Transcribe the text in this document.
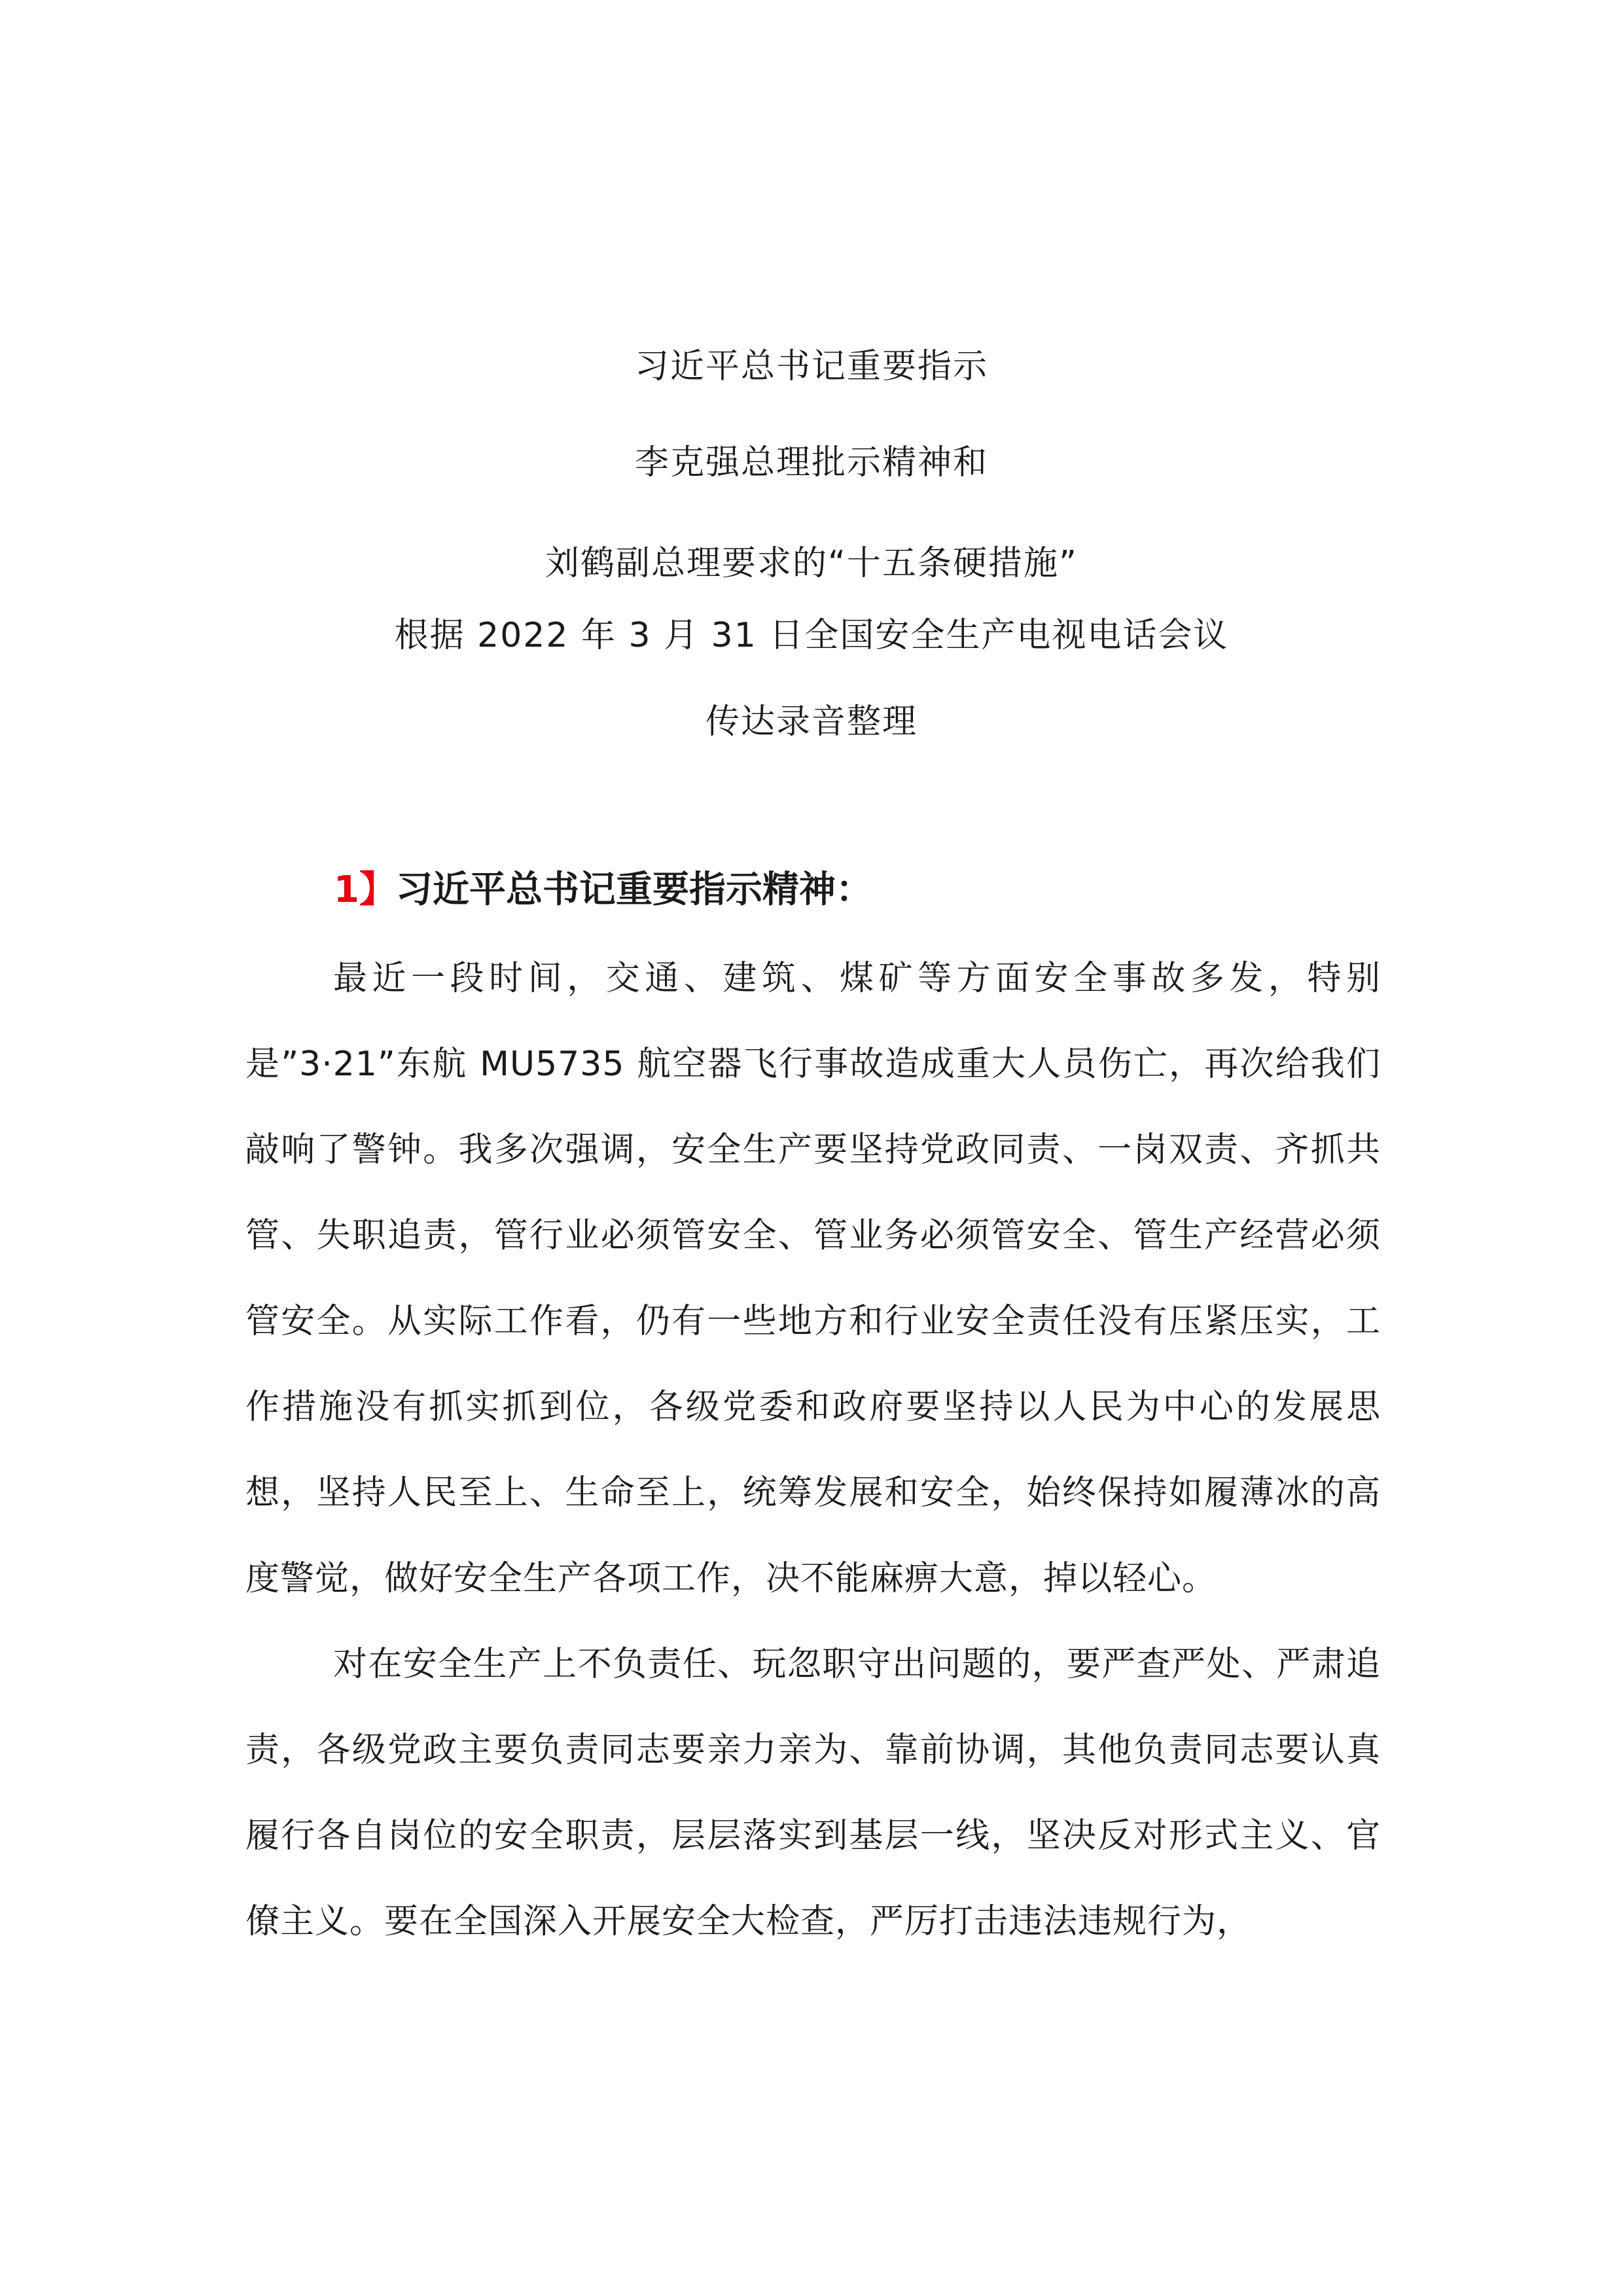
习近平总书记重要指示
李克强总理批示精神和
刘鹤副总理要求的“十五条硬措施”
根据 2022 年 3 月 31 日全国安全生产电视电话会议
传达录音整理
1】习近平总书记重要指示精神：

最近一段时间，交通、建筑、煤矿等方面安全事故多发，特别是”3·21”东航 MU5735 航空器飞行事故造成重大人员伤亡，再次给我们敲响了警钟。我多次强调，安全生产要坚持党政同责、一岗双责、齐抓共管、失职追责，管行业必须管安全、管业务必须管安全、管生产经营必须管安全。从实际工作看，仍有一些地方和行业安全责任没有压紧压实，工作措施没有抓实抓到位，各级党委和政府要坚持以人民为中心的发展思想，坚持人民至上、生命至上，统筹发展和安全，始终保持如履薄冰的高度警觉，做好安全生产各项工作，决不能麻痹大意，掉以轻心。

对在安全生产上不负责任、玩忽职守出问题的，要严查严处、严肃追责，各级党政主要负责同志要亲力亲为、靠前协调，其他负责同志要认真履行各自岗位的安全职责，层层落实到基层一线，坚决反对形式主义、官僚主义。要在全国深入开展安全大检查，严厉打击违法违规行为，
